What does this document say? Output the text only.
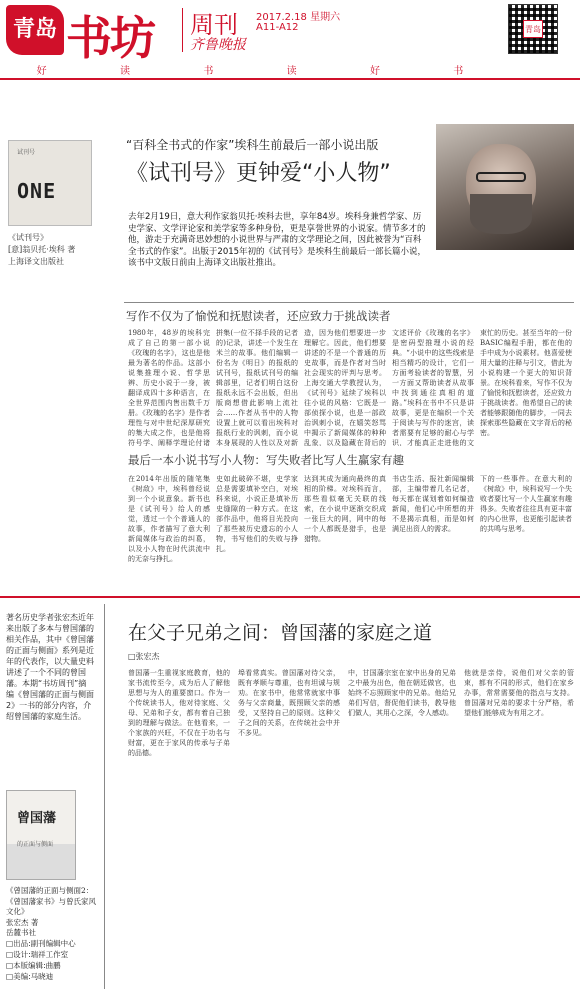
青岛 书坊 周刊
齐鲁晚报
2017.2.18 星期六
A11-A12	青岛
好	读	书	读	好	书
试刊号
ONE
《试刊号》
[意]翁贝托·埃科 著
上海译文出版社
“百科全书式的作家”埃科生前最后一部小说出版
《试刊号》更钟爱“小人物”
去年2月19日，意大利作家翁贝托·埃科去世，享年84岁。埃科身兼哲学家、历史学家、文学评论家和美学家等多种身份，更是享誉世界的小说家。情节多才的他，游走于充满奇思妙想的小说世界与严肃的文学理论之间，因此被誉为“百科全书式的作家”。出版于2015年初的《试刊号》是埃科生前最后一部长篇小说，该书中文版日前由上海译文出版社推出。
写作不仅为了愉悦和抚慰读者，还应致力于挑战读者
1980年，48岁的埃科完成了自己的第一部小说《玫瑰的名字》，这也是他最为著名的作品。这部小说集推理小说、哲学思辨、历史小说于一身，被翻译成四十多种语言，在全世界范围内售出数千万册。《玫瑰的名字》是作者理性与对中世纪深厚研究的集大成之作，也是他将符号学、阐释学理论付诸
拼集(一位不择手段的记者的)记录，讲述一个发生在米兰的故事。他们编辑一份名为《明日》的报纸的试刊号，报纸试刊号的编辑部里，记者们明白这份报纸永远不会出版，但出版商想借此影响上流社会……作者从书中的人物设置上就可以看出埃科对报纸行业的讽刺，而小说本身展现的人性以及对新
造，因为他们想要进一步理解它。因此，他们想要讲述的不是一个普通的历史故事，而是作者对当时社会现实的评判与思考。上海交通大学教授认为，《试刊号》延续了埃科以往小说的风格：它既是一部侦探小说，也是一部政治讽刺小说，在嬉笑怒骂中揭示了新闻媒体的种种乱象，以及隐藏在背后的
文述评价《玫瑰的名字》是密码型推理小说的经典。“小说中的这些线索是相当精巧的设计，它们一方面考验读者的智慧，另一方面又帮助读者从故事中找到通往真相的道路。”埃科在书中不只是讲故事，更是在编织一个关于阅读与写作的迷宫，读者需要有足够的耐心与学识，才能真正走进他的文
束忙的历史。甚至当年的一份BASIC编程手册，都在他的手中成为小说素材。他喜爱使用大量的注释与引文，借此为小说构建一个更大的知识背景。在埃科看来，写作不仅为了愉悦和抚慰读者，还应致力于挑战读者。他希望自己的读者能够跟随他的脚步，一同去探索那些隐藏在文字背后的秘密。
最后一本小说书写小人物：写失败者比写人生赢家有趣
在2014年出版的随笔集《树敌》中，埃科曾经说到一个小说意象。新书也是《试刊号》给人的感觉，透过一个个普通人的故事，作者描写了意大利新闻媒体与政治的纠葛，以及小人物在时代洪流中的无奈与挣扎。
史如此破碎不堪，史学家总是需要填补空白，对埃科来说，小说正是填补历史缝隙的一种方式。在这部作品中，他将目光投向了那些被历史遗忘的小人物，书写他们的失败与挣扎。
达到其成为通向最终的真相的阶梯。对埃科而言，那些看似毫无关联的线索，在小说中逐渐交织成一张巨大的网，网中的每一个人都既是猎手，也是猎物。
书店生活、报社新闻编辑部，主编带着几名记者，每天都在谋划着如何编造新闻，他们心中所想的并不是揭示真相，而是如何满足出资人的需求。
下的一些事件。在意大利的《树敌》中，埃科说写一个失败者要比写一个人生赢家有趣得多。失败者往往具有更丰富的内心世界，也更能引起读者的共鸣与思考。
著名历史学者张宏杰近年来出版了多本与曾国藩的相关作品，其中《曾国藩的正面与侧面》系列是近年的代表作，以大量史料讲述了一个不同的曾国藩。本期“书坊周刊”摘编《曾国藩的正面与侧面2》一书的部分内容，介绍曾国藩的家庭生活。
曾国藩
的正面与侧面
《曾国藩的正面与侧面2：《曾国藩家书》与曾氏家风文化》
张宏杰 著
岳麓书社
□出品:副刊编辑中心
□设计:瑞祥工作室
□本版编辑:曲鹏
□美编:马晓迪
在父子兄弟之间：曾国藩的家庭之道
□张宏杰
曾国藩一生重视家庭教育，他的家书流传至今，成为后人了解他思想与为人的重要窗口。作为一个传统读书人，他对待家庭、父母、兄弟和子女，都有着自己独到的理解与做法。在他看来，一个家族的兴旺，不仅在于功名与财富，更在于家风的传承与子弟的品德。
埠看常真实。曾国藩对待父亲，既有孝顺与尊重，也有坦诚与规劝。在家书中，他常常就家中事务与父亲商量，既照顾父亲的感受，又坚持自己的原则。这种父子之间的关系，在传统社会中并不多见。
中，甘国藩宗室在家中出身的兄弟之中最为出色，他在朝廷做官，也始终不忘照顾家中的兄弟。他给兄弟们写信，督促他们读书，教导他们做人，其用心之深，令人感动。
他就是亲侍，说他们对父亲的管束，都有不同的形式，他们在家乡办事，常常需要他的指点与支持。曾国藩对兄弟的要求十分严格，希望他们能够成为有用之才。
